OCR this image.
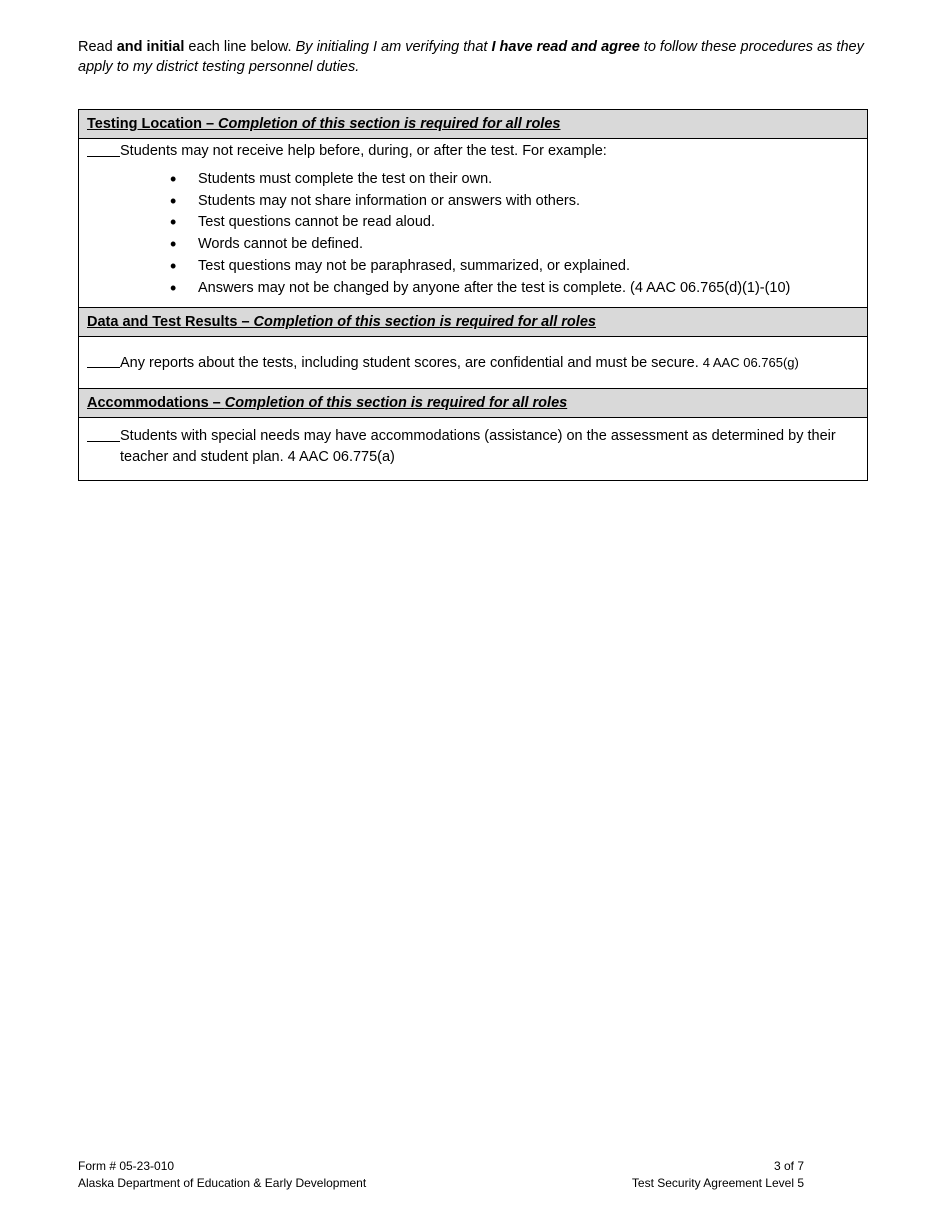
Read and initial each line below. By initialing I am verifying that I have read and agree to follow these procedures as they apply to my district testing personnel duties.
Testing Location – Completion of this section is required for all roles

Students may not receive help before, during, or after the test. For example:
• Students must complete the test on their own.
• Students may not share information or answers with others.
• Test questions cannot be read aloud.
• Words cannot be defined.
• Test questions may not be paraphrased, summarized, or explained.
• Answers may not be changed by anyone after the test is complete. (4 AAC 06.765(d)(1)-(10)

Data and Test Results – Completion of this section is required for all roles

Any reports about the tests, including student scores, are confidential and must be secure. 4 AAC 06.765(g)

Accommodations – Completion of this section is required for all roles

Students with special needs may have accommodations (assistance) on the assessment as determined by their teacher and student plan. 4 AAC 06.775(a)
Form # 05-23-010
Alaska Department of Education & Early Development
3 of 7
Test Security Agreement Level 5
